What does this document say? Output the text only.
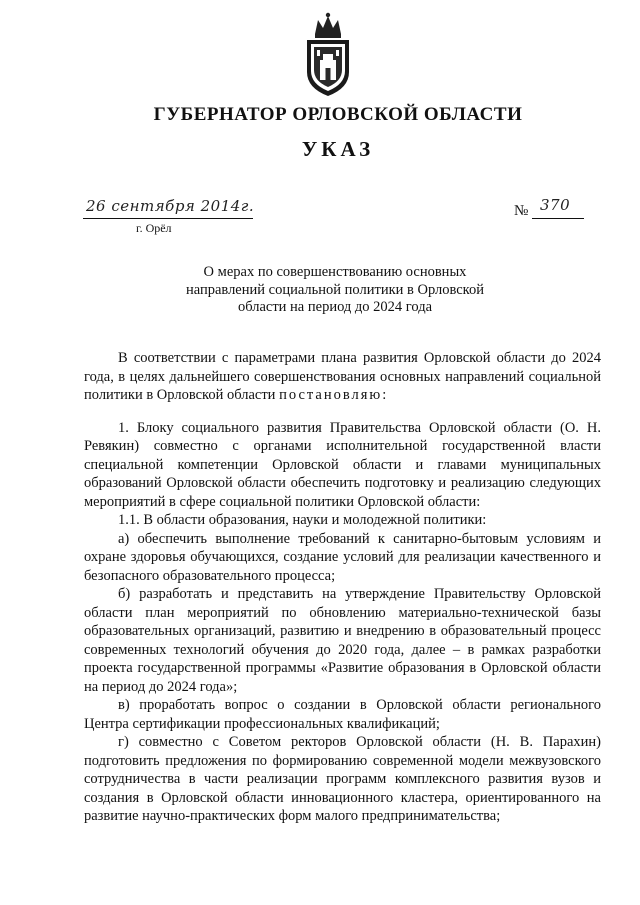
ГУБЕРНАТОР ОРЛОВСКОЙ ОБЛАСТИ
УКАЗ
26 сентября 2014г.
г. Орёл
№ 370
О мерах по совершенствованию основных
направлений социальной политики в Орловской
области на период до 2024 года

В соответствии с параметрами плана развития Орловской области до 2024 года, в целях дальнейшего совершенствования основных направлений социальной политики в Орловской области постановляю:

1. Блоку социального развития Правительства Орловской области (О. Н. Ревякин) совместно с органами исполнительной государственной власти специальной компетенции Орловской области и главами муниципальных образований Орловской области обеспечить подготовку и реализацию следующих мероприятий в сфере социальной политики Орловской области:

1.1. В области образования, науки и молодежной политики:

а) обеспечить выполнение требований к санитарно-бытовым условиям и охране здоровья обучающихся, создание условий для реализации качественного и безопасного образовательного процесса;

б) разработать и представить на утверждение Правительству Орловской области план мероприятий по обновлению материально-технической базы образовательных организаций, развитию и внедрению в образовательный процесс современных технологий обучения до 2020 года, далее – в рамках разработки проекта государственной программы «Развитие образования в Орловской области на период до 2024 года»;

в) проработать вопрос о создании в Орловской области регионального Центра сертификации профессиональных квалификаций;

г) совместно с Советом ректоров Орловской области (Н. В. Парахин) подготовить предложения по формированию современной модели межвузовского сотрудничества в части реализации программ комплексного развития вузов и создания в Орловской области инновационного кластера, ориентированного на развитие научно-практических форм малого предпринимательства;
